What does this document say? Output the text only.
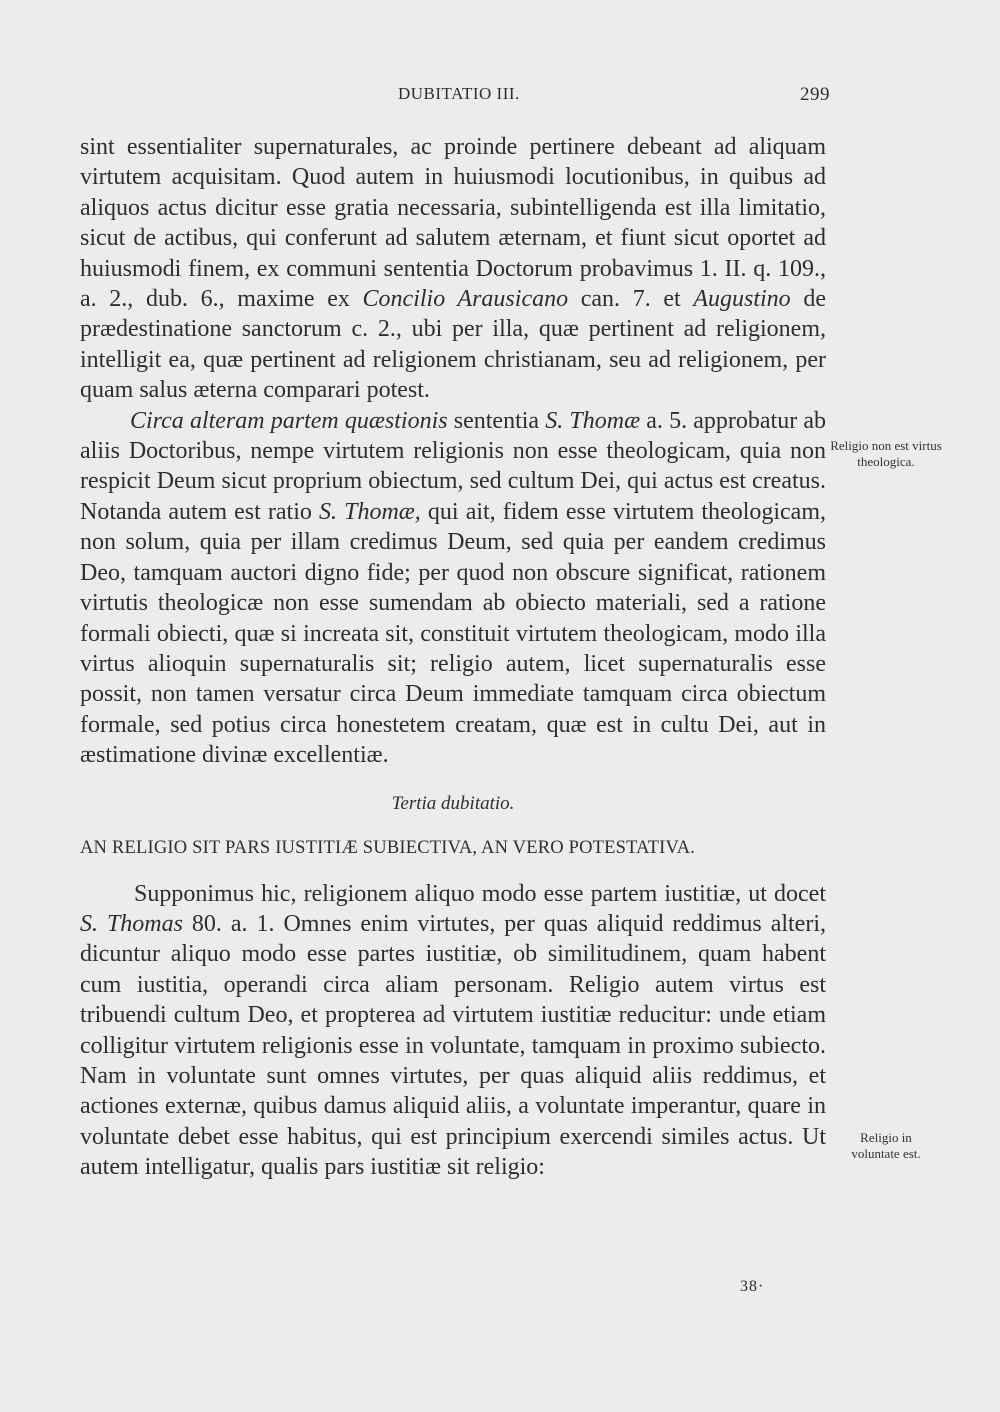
DUBITATIO III.	299

sint essentialiter supernaturales, ac proinde pertinere debeant ad aliquam virtutem acquisitam. Quod autem in huiusmodi locutionibus, in quibus ad aliquos actus dicitur esse gratia necessaria, subintelligenda est illa limitatio, sicut de actibus, qui conferunt ad salutem æternam, et fiunt sicut oportet ad huiusmodi finem, ex communi sententia Doctorum probavimus 1. II. q. 109., a. 2., dub. 6., maxime ex Concilio Arausicano can. 7. et Augustino de prædestinatione sanctorum c. 2., ubi per illa, quæ pertinent ad religionem, intelligit ea, quæ pertinent ad religionem christianam, seu ad religionem, per quam salus æterna comparari potest.

Circa alteram partem quæstionis sententia S. Thomæ a. 5. approbatur ab aliis Doctoribus, nempe virtutem religionis non esse theologicam, quia non respicit Deum sicut proprium obiectum, sed cultum Dei, qui actus est creatus. Notanda autem est ratio S. Thomæ, qui ait, fidem esse virtutem theologicam, non solum, quia per illam credimus Deum, sed quia per eandem credimus Deo, tamquam auctori digno fide; per quod non obscure significat, rationem virtutis theologicæ non esse sumendam ab obiecto materiali, sed a ratione formali obiecti, quæ si increata sit, constituit virtutem theologicam, modo illa virtus alioquin supernaturalis sit; religio autem, licet supernaturalis esse possit, non tamen versatur circa Deum immediate tamquam circa obiectum formale, sed potius circa honestetem creatam, quæ est in cultu Dei, aut in æstimatione divinæ excellentiæ.

Tertia dubitatio.
AN RELIGIO SIT PARS IUSTITIÆ SUBIECTIVA, AN VERO POTESTATIVA.

Supponimus hic, religionem aliquo modo esse partem iustitiæ, ut docet S. Thomas 80. a. 1. Omnes enim virtutes, per quas aliquid reddimus alteri, dicuntur aliquo modo esse partes iustitiæ, ob similitudinem, quam habent cum iustitia, operandi circa aliam personam. Religio autem virtus est tribuendi cultum Deo, et propterea ad virtutem iustitiæ reducitur: unde etiam colligitur virtutem religionis esse in voluntate, tamquam in proximo subiecto. Nam in voluntate sunt omnes virtutes, per quas aliquid aliis reddimus, et actiones externæ, quibus damus aliquid aliis, a voluntate imperantur, quare in voluntate debet esse habitus, qui est principium exercendi similes actus. Ut autem intelligatur, qualis pars iustitiæ sit religio:

Religio non est virtus theologica.
Religio in voluntate est.
38·
